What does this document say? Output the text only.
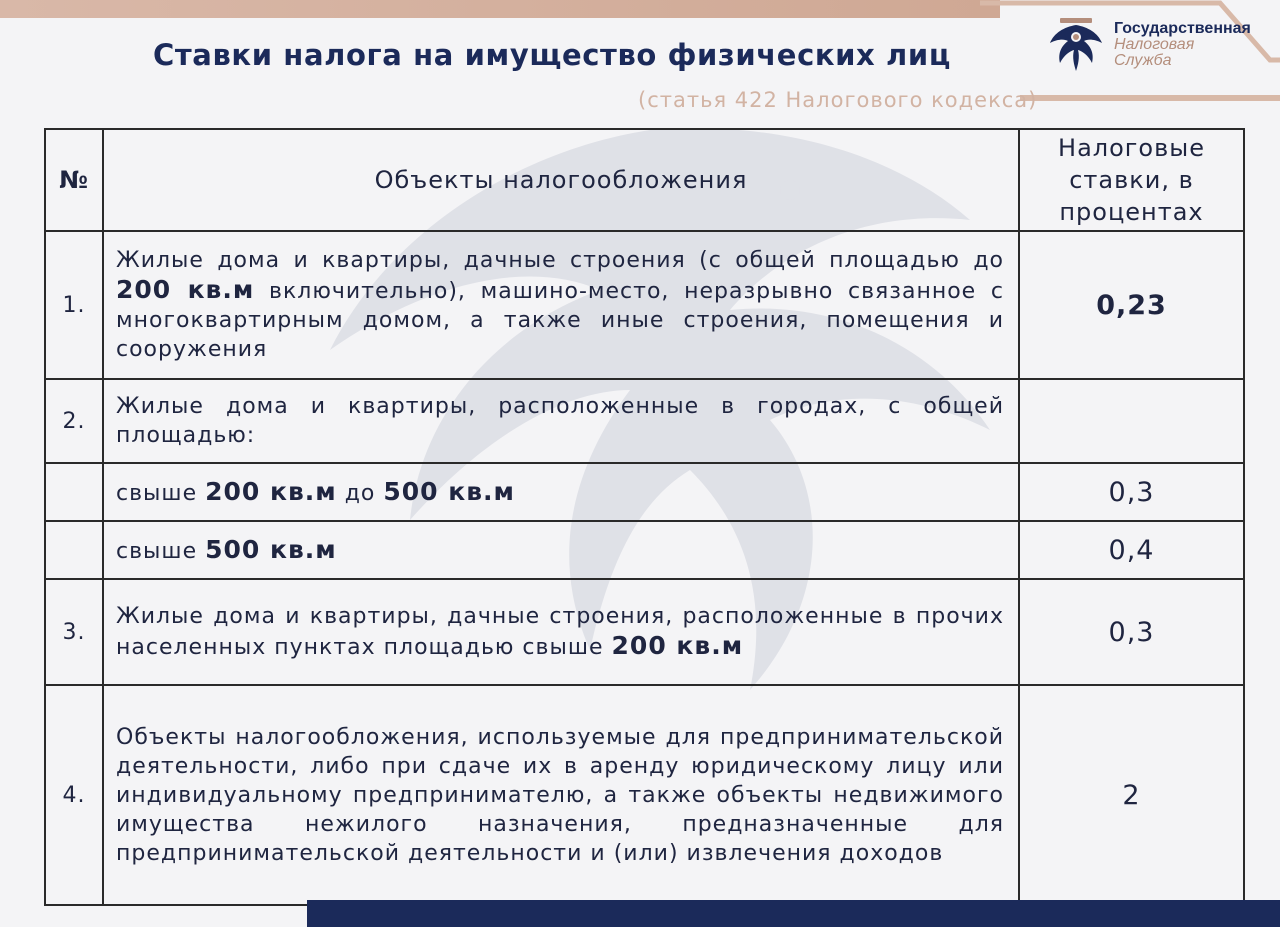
Государственная
Налоговая
Служба
Ставки налога на имущество физических лиц
(статья 422 Налогового кодекса)
№	Объекты налогообложения	Налоговые ставки, в процентах

1.	Жилые дома и квартиры, дачные строения (с общей площадью до 200 кв.м включительно), машино-место, неразрывно связанное с многоквартирным домом, а также иные строения, помещения и сооружения	0,23
2.	Жилые дома и квартиры, расположенные в городах, с общей площадью:	
	свыше 200 кв.м до 500 кв.м	0,3
	свыше 500 кв.м	0,4
3.	Жилые дома и квартиры, дачные строения, расположенные в прочих населенных пунктах площадью свыше 200 кв.м	0,3
4.	Объекты налогообложения, используемые для предпринимательской деятельности, либо при сдаче их в аренду юридическому лицу или индивидуальному предпринимателю, а также объекты недвижимого имущества нежилого назначения, предназначенные для предпринимательской деятельности и (или) извлечения доходов	2
